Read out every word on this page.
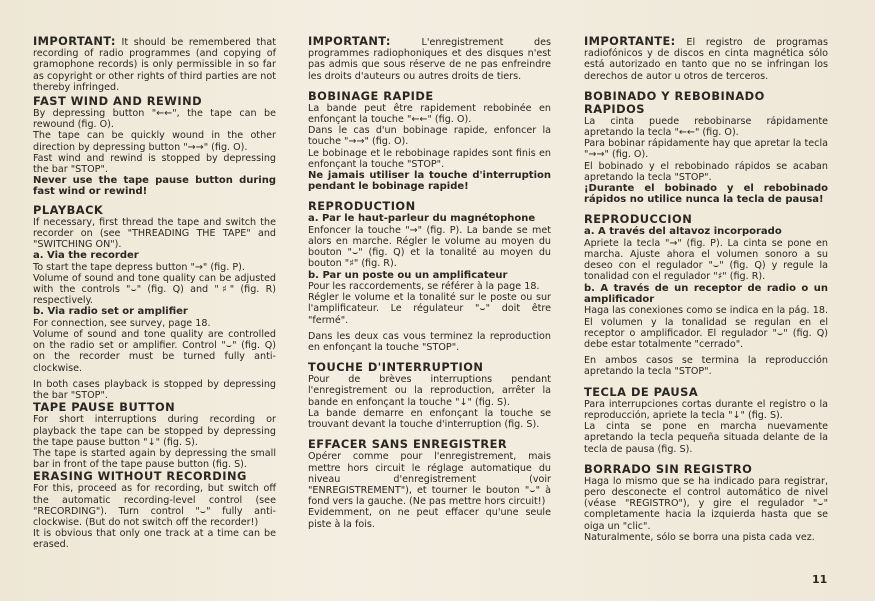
IMPORTANT: It should be remembered that recording of radio programmes (and copying of gramophone records) is only permissible in so far as copyright or other rights of third parties are not thereby infringed.

FAST WIND AND REWIND

By depressing button "←←", the tape can be rewound (fig. O).

The tape can be quickly wound in the other direction by depressing button "→→" (fig. O).

Fast wind and rewind is stopped by depressing the bar "STOP".

Never use the tape pause button during fast wind or rewind!

PLAYBACK

If necessary, first thread the tape and switch the recorder on (see "THREADING THE TAPE" and "SWITCHING ON").

a. Via the recorder

To start the tape depress button "→" (fig. P).

Volume of sound and tone quality can be adjusted with the controls "⌣" (fig. Q) and "♯" (fig. R) respectively.

b. Via radio set or amplifier

For connection, see survey, page 18.

Volume of sound and tone quality are controlled on the radio set or amplifier. Control "⌣" (fig. Q) on the recorder must be turned fully anti-clockwise.

In both cases playback is stopped by depressing the bar "STOP".

TAPE PAUSE BUTTON

For short interruptions during recording or playback the tape can be stopped by depressing the tape pause button "↓" (fig. S).

The tape is started again by depressing the small bar in front of the tape pause button (fig. S).

ERASING WITHOUT RECORDING

For this, proceed as for recording, but switch off the automatic recording-level control (see "RECORDING"). Turn control "⌣" fully anti-clockwise. (But do not switch off the recorder!)

It is obvious that only one track at a time can be erased.

IMPORTANT:	L'enregistrement des programmes radiophoniques et des disques n'est pas admis que sous réserve de ne pas enfreindre les droits d'auteurs ou autres droits de tiers.

BOBINAGE RAPIDE

La bande peut être rapidement rebobinée en enfonçant la touche "←←" (fig. O).

Dans le cas d'un bobinage rapide, enfoncer la touche "→→" (fig. O).

Le bobinage et le rebobinage rapides sont finis en enfonçant la touche "STOP".

Ne jamais utiliser la touche d'interruption pendant le bobinage rapide!

REPRODUCTION
a. Par le haut-parleur du magnétophone

Enfoncer la touche "→" (fig. P). La bande se met alors en marche. Régler le volume au moyen du bouton "⌣" (fig. Q) et la tonalité au moyen du bouton "♯" (fig. R).

b. Par un poste ou un amplificateur

Pour les raccordements, se référer à la page 18.

Régler le volume et la tonalité sur le poste ou sur l'amplificateur. Le régulateur "⌣" doit être "fermé".

Dans les deux cas vous terminez la reproduction en enfonçant la touche "STOP".

TOUCHE D'INTERRUPTION

Pour de brèves interruptions pendant l'enregistrement ou la reproduction, arrêter la bande en enfonçant la touche "↓" (fig. S).

La bande demarre en enfonçant la touche se trouvant devant la touche d'interruption (fig. S).

EFFACER SANS ENREGISTRER

Opérer comme pour l'enregistrement, mais mettre hors circuit le réglage automatique du niveau d'enregistrement (voir "ENREGISTREMENT"), et tourner le bouton "⌣" à fond vers la gauche. (Ne pas mettre hors circuit!)

Evidemment, on ne peut effacer qu'une seule piste à la fois.

IMPORTANTE: El registro de programas radiofónicos y de discos en cinta magnética sólo está autorizado en tanto que no se infringan los derechos de autor u otros de terceros.

BOBINADO Y REBOBINADO RAPIDOS

La cinta puede rebobinarse rápidamente apretando la tecla "←←" (fig. O).

Para bobinar rápidamente hay que apretar la tecla "→→" (fig. O).

El bobinado y el rebobinado rápidos se acaban apretando la tecla "STOP".

¡Durante el bobinado y el rebobinado rápidos no utilice nunca la tecla de pausa!

REPRODUCCION
a. A través del altavoz incorporado

Apriete la tecla "→" (fig. P). La cinta se pone en marcha. Ajuste ahora el volumen sonoro a su deseo con el regulador "⌣" (fig. Q) y regule la tonalidad con el regulador "♯" (fig. R).

b. A través de un receptor de radio o un amplificador

Haga las conexiones como se indica en la pág. 18. El volumen y la tonalidad se regulan en el receptor o amplificador. El regulador "⌣" (fig. Q) debe estar totalmente "cerrado".

En ambos casos se termina la reproducción apretando la tecla "STOP".

TECLA DE PAUSA

Para interrupciones cortas durante el registro o la reproducción, apriete la tecla "↓" (fig. S).

La cinta se pone en marcha nuevamente apretando la tecla pequeña situada delante de la tecla de pausa (fig. S).

BORRADO SIN REGISTRO

Haga lo mismo que se ha indicado para registrar, pero desconecte el control automático de nivel (véase "REGISTRO"), y gire el regulador "⌣" completamente hacia la izquierda hasta que se oiga un "clic".

Naturalmente, sólo se borra una pista cada vez.

11
